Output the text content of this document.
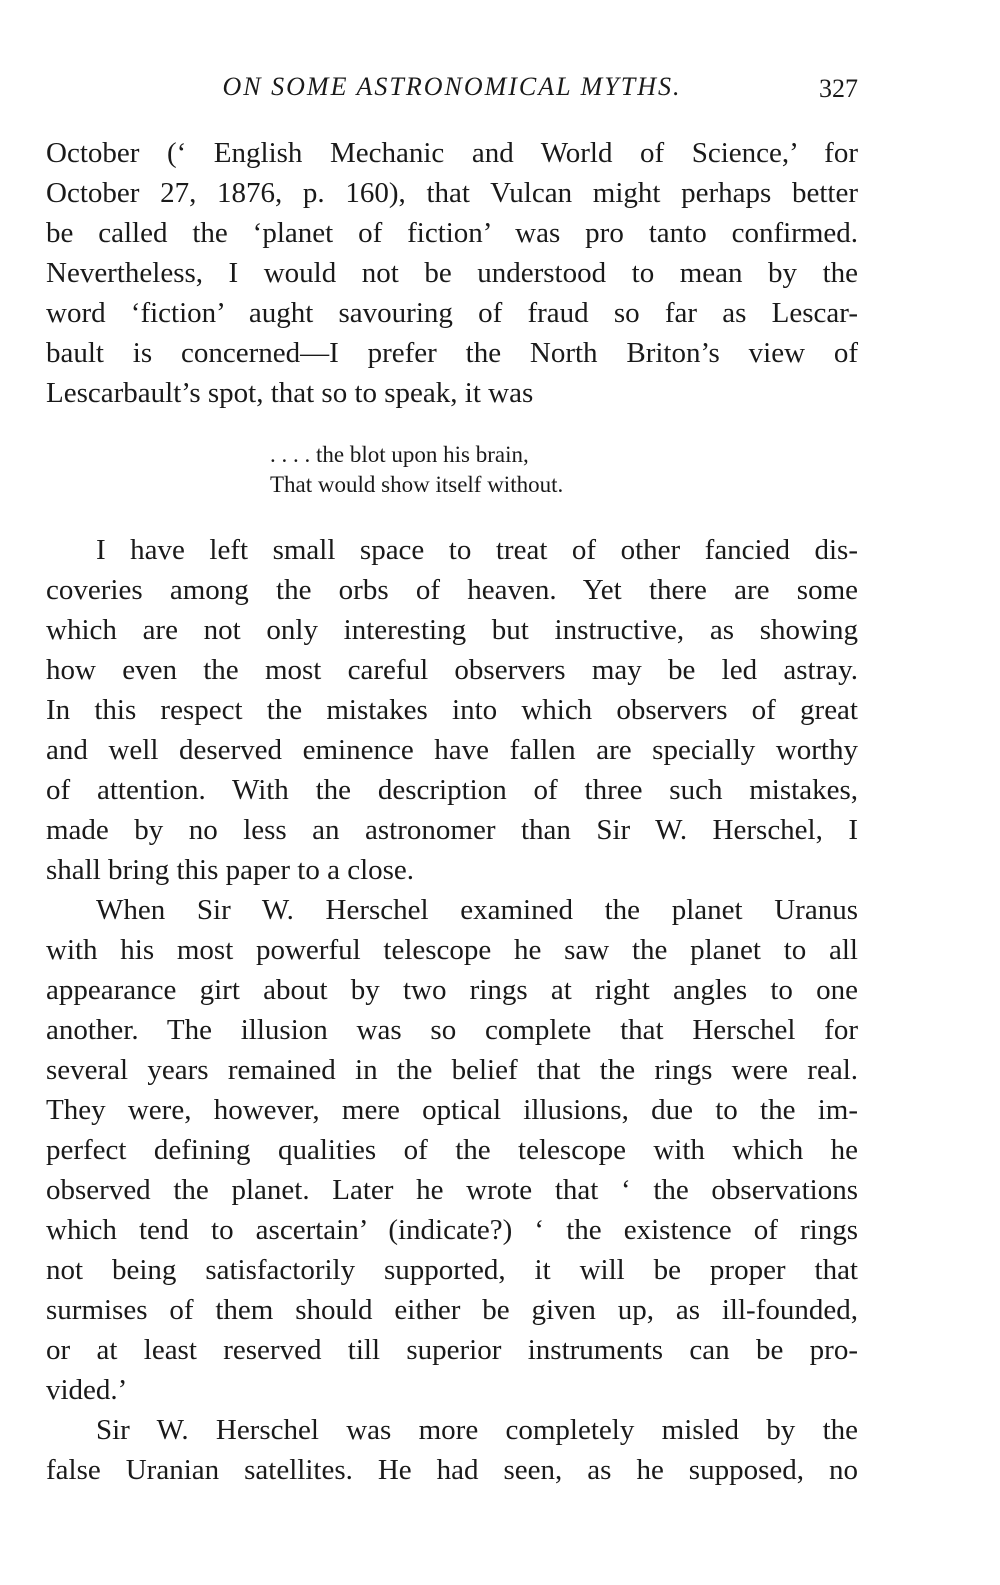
ON SOME ASTRONOMICAL MYTHS.	327
October (‘ English Mechanic and World of Science,’ for
October 27, 1876, p. 160), that Vulcan might perhaps better
be called the ‘planet of fiction’ was pro tanto confirmed.
Nevertheless, I would not be understood to mean by the
word ‘fiction’ aught savouring of fraud so far as Lescar-
bault is concerned—I prefer the North Briton’s view of
Lescarbault’s spot, that so to speak, it was
. . . . the blot upon his brain,
That would show itself without.
I have left small space to treat of other fancied dis-
coveries among the orbs of heaven. Yet there are some
which are not only interesting but instructive, as showing
how even the most careful observers may be led astray.
In this respect the mistakes into which observers of great
and well deserved eminence have fallen are specially worthy
of attention. With the description of three such mistakes,
made by no less an astronomer than Sir W. Herschel, I
shall bring this paper to a close.
When Sir W. Herschel examined the planet Uranus
with his most powerful telescope he saw the planet to all
appearance girt about by two rings at right angles to one
another. The illusion was so complete that Herschel for
several years remained in the belief that the rings were real.
They were, however, mere optical illusions, due to the im-
perfect defining qualities of the telescope with which he
observed the planet. Later he wrote that ‘ the observations
which tend to ascertain’ (indicate?) ‘ the existence of rings
not being satisfactorily supported, it will be proper that
surmises of them should either be given up, as ill-founded,
or at least reserved till superior instruments can be pro-
vided.’
Sir W. Herschel was more completely misled by the
false Uranian satellites. He had seen, as he supposed, no
